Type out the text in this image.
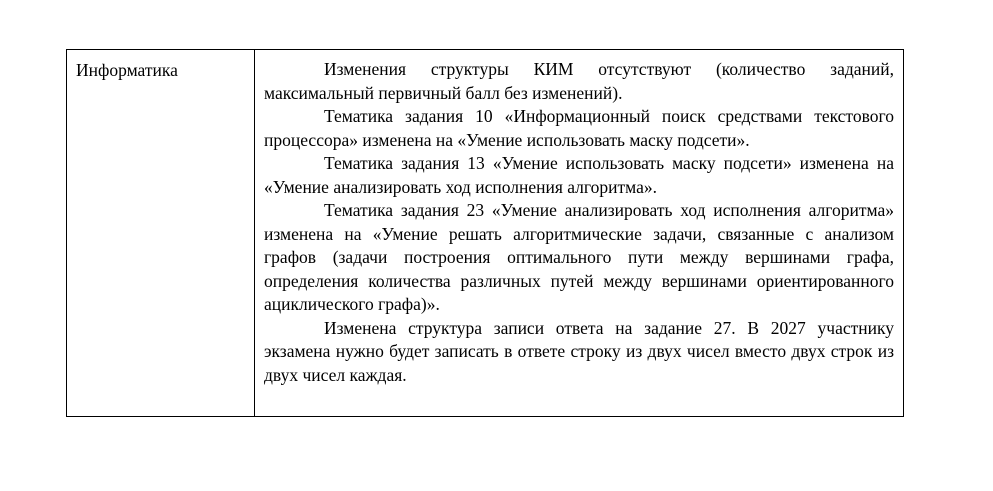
Информатика	Изменения структуры КИМ отсутствуют (количество заданий, максимальный первичный балл без изменений).

Тематика задания 10 «Информационный поиск средствами текстового процессора» изменена на «Умение использовать маску подсети».

Тематика задания 13 «Умение использовать маску подсети» изменена на «Умение анализировать ход исполнения алгоритма».

Тематика задания 23 «Умение анализировать ход исполнения алгоритма» изменена на «Умение решать алгоритмические задачи, связанные с анализом графов (задачи построения оптимального пути между вершинами графа, определения количества различных путей между вершинами ориентированного ациклического графа)».

Изменена структура записи ответа на задание 27. В 2027 участнику экзамена нужно будет записать в ответе строку из двух чисел вместо двух строк из двух чисел каждая.
